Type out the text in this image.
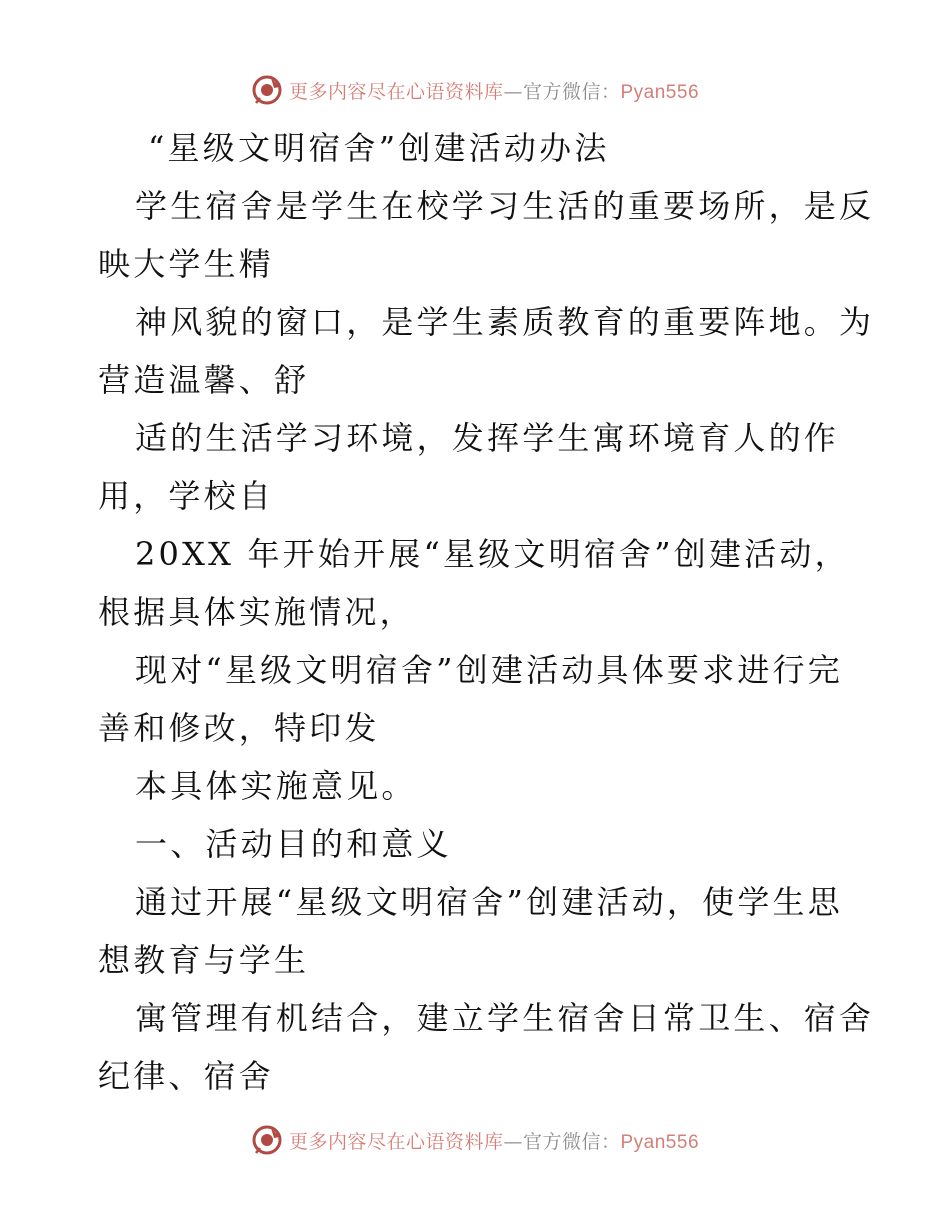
更多内容尽在心语资料库—官方微信：Pyan556
“星级文明宿舍”创建活动办法
学生宿舍是学生在校学习生活的重要场所，是反
映大学生精
神风貌的窗口，是学生素质教育的重要阵地。为
营造温馨、舒
适的生活学习环境，发挥学生寓环境育人的作
用，学校自
20XX 年开始开展“星级文明宿舍”创建活动，
根据具体实施情况，
现对“星级文明宿舍”创建活动具体要求进行完
善和修改，特印发
本具体实施意见。
一、活动目的和意义
通过开展“星级文明宿舍”创建活动，使学生思
想教育与学生
寓管理有机结合，建立学生宿舍日常卫生、宿舍
纪律、宿舍
更多内容尽在心语资料库—官方微信：Pyan556
